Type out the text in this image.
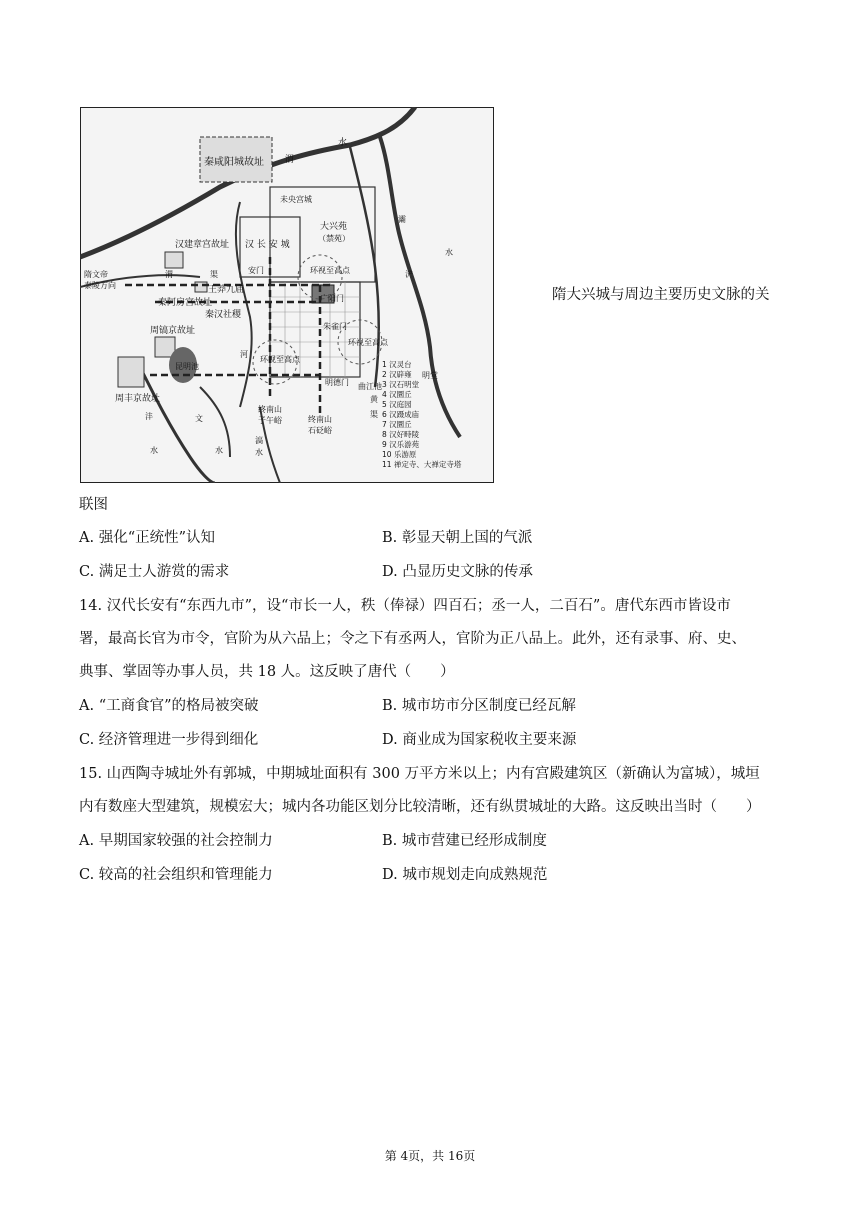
秦咸阳城故址 渭
水
未央宫城
大兴苑
（禁苑）
汉建章宫故址 汉 长 安 城
安门
隋文帝
泰陵方向
渭	渠
王莽九庙
秦阿房宫故址
秦汉社稷
环视至高点
广阳门
朱雀门
环视至高点
周镐京故址
昆明池
环视至高点
河
明德门 曲江池
周丰京故址
沣	文
终南山
子午峪	终南山
石砭峪
水	水
滈
水
浐
灞
水
黄
渠
明堂
1 汉灵台
2 汉辟雍
3 汉石明堂
4 汉圜丘
5 汉庭园
6 汉蹑成庙
7 汉圜丘
8 汉好畤陵
9 汉乐游苑
10 乐游原
11 禅定寺、大禅定寺塔
隋大兴城与周边主要历史文脉的关
联图
A. 强化“正统性”认知	B. 彰显天朝上国的气派
C. 满足士人游赏的需求	D. 凸显历史文脉的传承
14. 汉代长安有“东西九市”，设“市长一人，秩（俸禄）四百石；丞一人，二百石”。唐代东西市皆设市
署，最高长官为市令，官阶为从六品上；令之下有丞两人，官阶为正八品上。此外，还有录事、府、史、
典事、掌固等办事人员，共 18 人。这反映了唐代（　　）
A. “工商食官”的格局被突破	B. 城市坊市分区制度已经瓦解
C. 经济管理进一步得到细化	D. 商业成为国家税收主要来源
15. 山西陶寺城址外有郭城，中期城址面积有 300 万平方米以上；内有宫殿建筑区（新确认为富城），城垣
内有数座大型建筑，规模宏大；城内各功能区划分比较清晰，还有纵贯城址的大路。这反映出当时（　　）
A. 早期国家较强的社会控制力	B. 城市营建已经形成制度
C. 较高的社会组织和管理能力	D. 城市规划走向成熟规范
第 4页，共 16页
